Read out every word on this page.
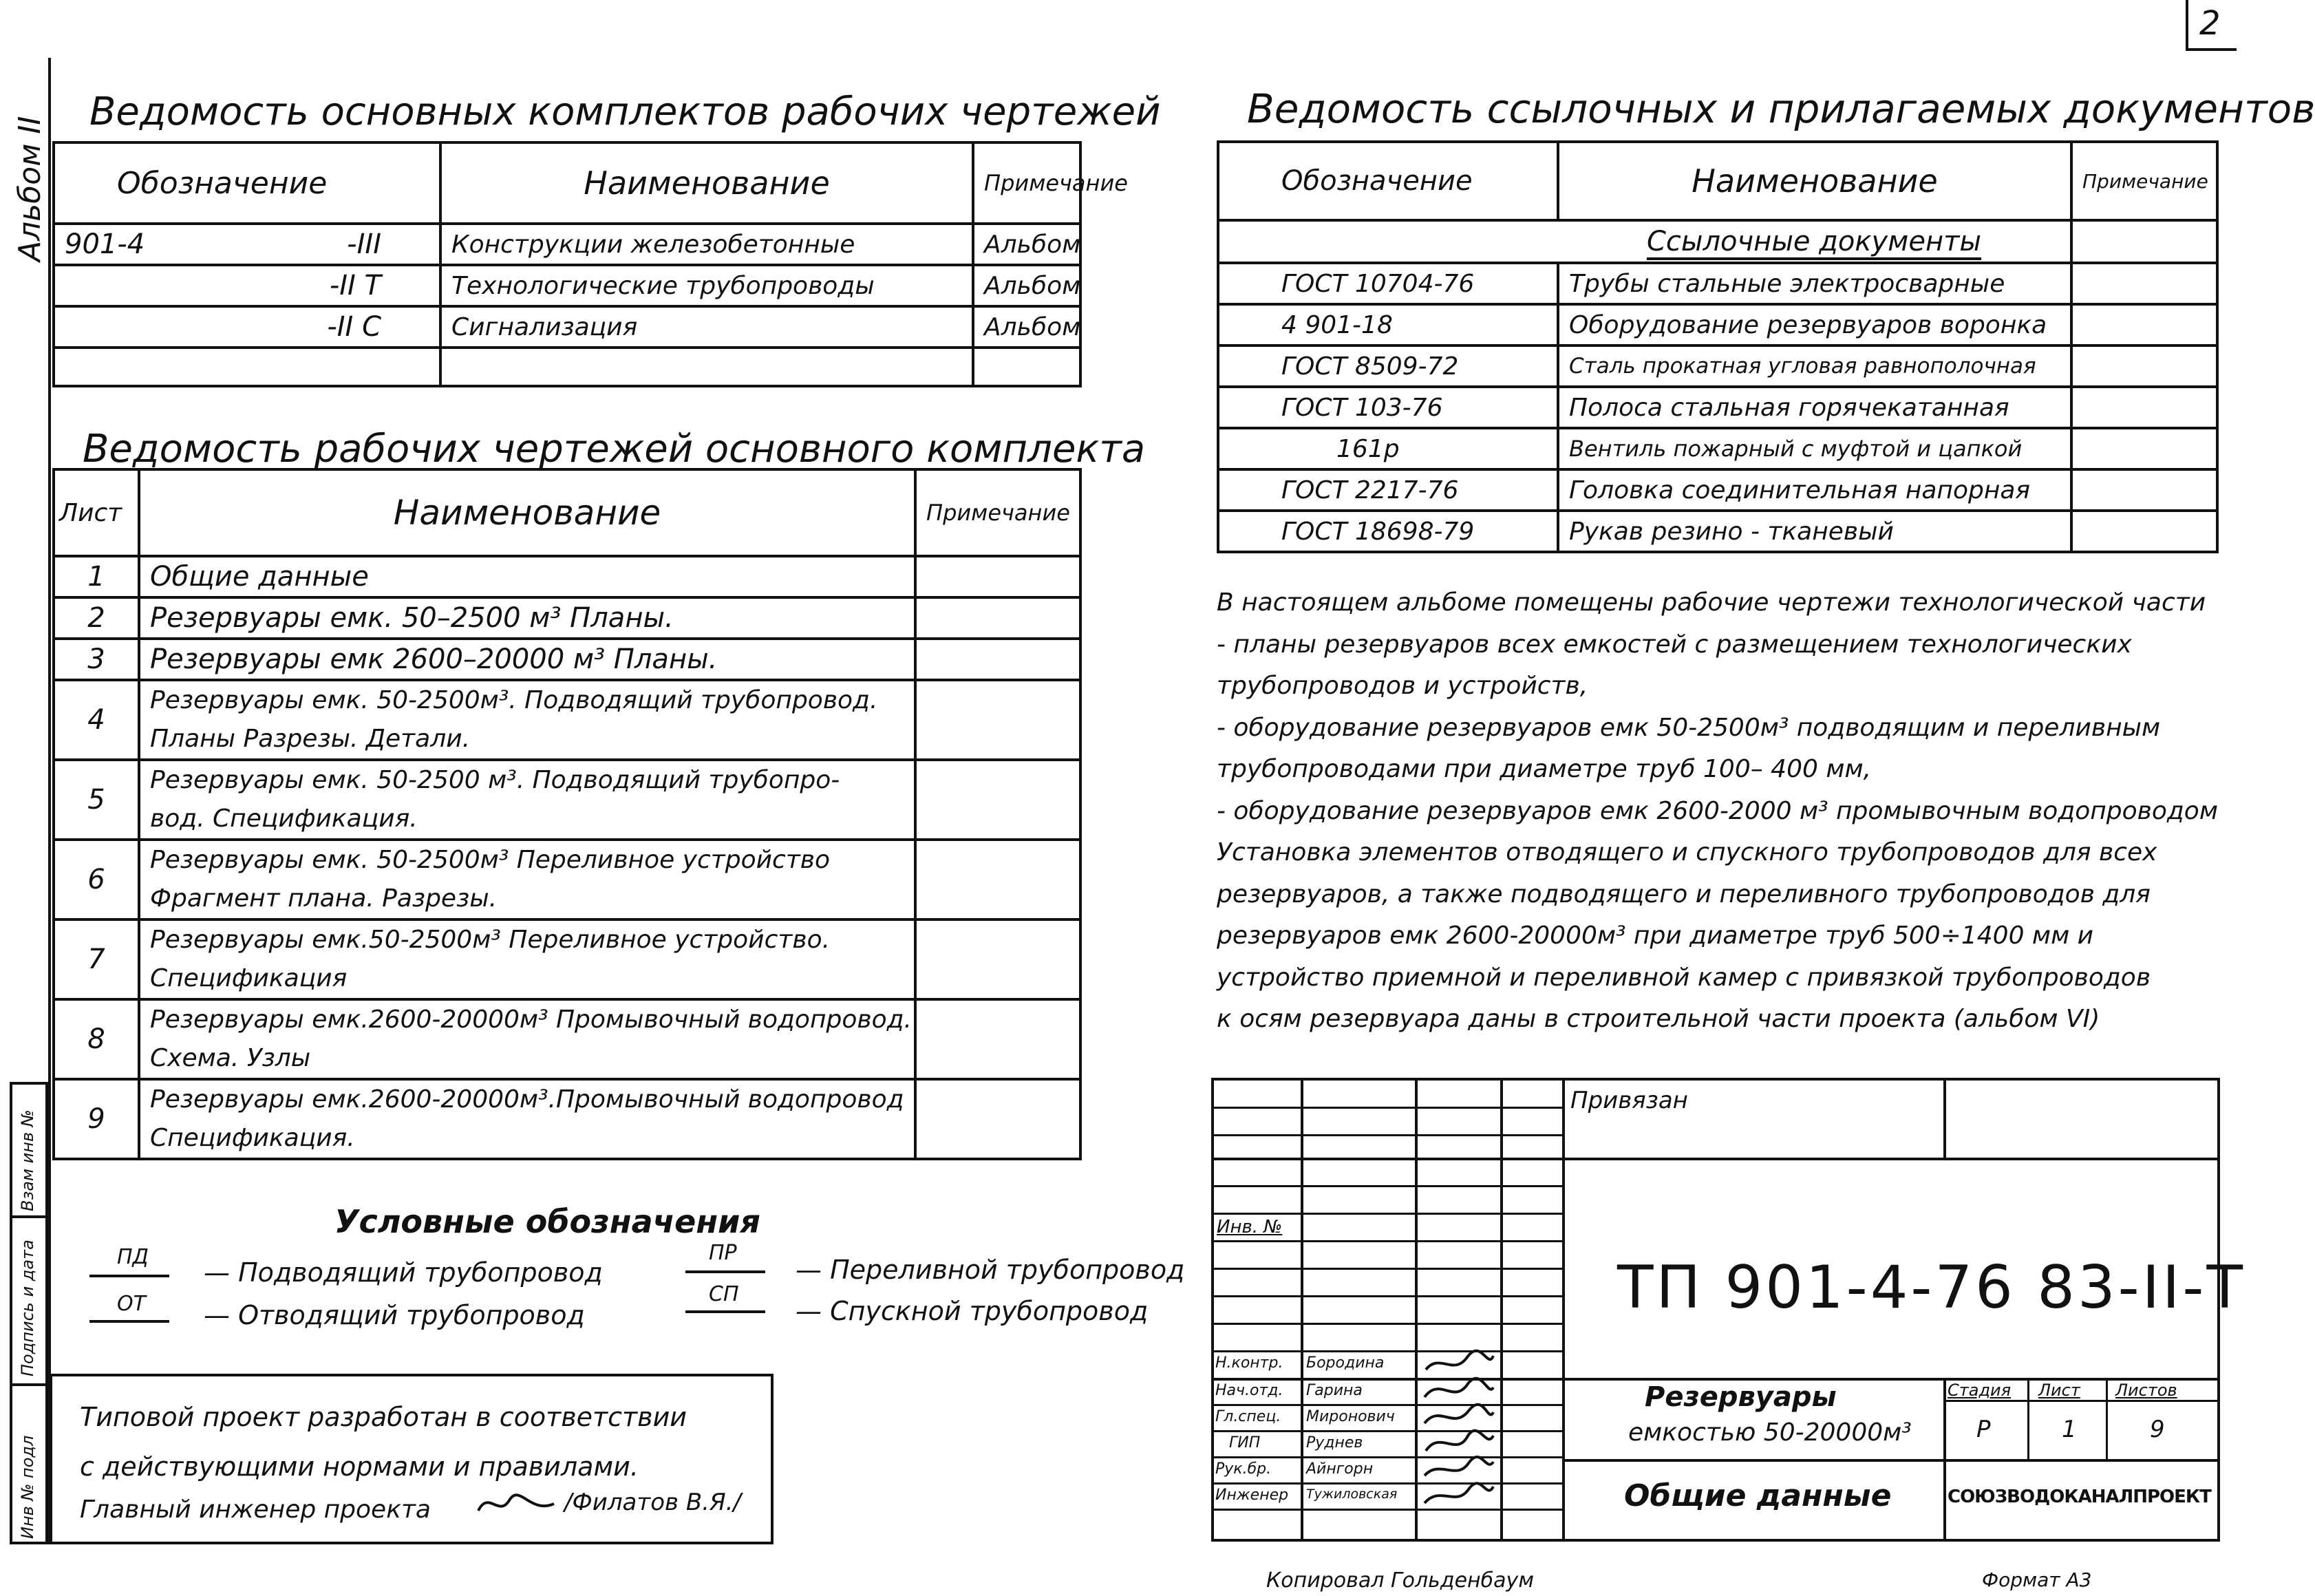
2
Альбом II
Ведомость основных комплектов рабочих чертежей
Обозначение		Наименование	Примечание
901-4 -III		Конструкции железобетонные	Альбом
-II Т		Технологические трубопроводы	Альбом
-II С		Сигнализация	Альбом

Ведомость рабочих чертежей основного комплекта
Лист	Наименование	Примечание
1	Общие данные	
2	Резервуары емк. 50–2500 м³ Планы.	
3	Резервуары емк 2600–20000 м³ Планы.	
4	Резервуары емк. 50-2500м³. Подводящий трубопровод.
Планы Разрезы. Детали.	

5	Резервуары емк. 50-2500 м³. Подводящий трубопро-
вод. Спецификация.	

6	Резервуары емк. 50-2500м³ Переливное устройство
Фрагмент плана. Разрезы.	

7	Резервуары емк.50-2500м³ Переливное устройство.
Спецификация	

8	Резервуары емк.2600-20000м³ Промывочный водопровод.
Схема. Узлы	

9	Резервуары емк.2600-20000м³.Промывочный водопровод
Спецификация.	

Условные обозначения
ПД
— Подводящий трубопровод
ОТ — Отводящий трубопровод
ПР
— Переливной трубопровод
СП
— Спускной трубопровод
Взам инв №
Подпись и дата
Инв № подл
Типовой проект разработан в соответствии
с действующими нормами и правилами.
Главный инженер проекта	/Филатов В.Я./
Ведомость ссылочных и прилагаемых документов
Обозначение	Наименование	Примечание
	Ссылочные документы	
ГОСТ 10704-76	Трубы стальные электросварные	
4 901-18	Оборудование резервуаров воронка	
ГОСТ 8509-72	Сталь прокатная угловая равнополочная	
ГОСТ 103-76	Полоса стальная горячекатанная	
161р	Вентиль пожарный с муфтой и цапкой	
ГОСТ 2217-76	Головка соединительная напорная	
ГОСТ 18698-79	Рукав резино - тканевый	

В настоящем альбоме помещены рабочие чертежи технологической части

- планы резервуаров всех емкостей с размещением технологических

трубопроводов и устройств,

- оборудование резервуаров емк 50-2500м³ подводящим и переливным

трубопроводами при диаметре труб 100– 400 мм,

- оборудование резервуаров емк 2600-2000 м³ промывочным водопроводом

Установка элементов отводящего и спускного трубопроводов для всех

резервуаров, а также подводящего и переливного трубопроводов для

резервуаров емк 2600-20000м³ при диаметре труб 500÷1400 мм и

устройство приемной и переливной камер с привязкой трубопроводов

к осям резервуара даны в строительной части проекта (альбом VI)

Привязан
Инв. №
ТП 901-4-76 83-II-Т
Н.контр. Бородина
Нач.отд. Гарина
Гл.спец. Миронович
ГИП	Руднев
Рук.бр. Айнгорн
Инженер Тужиловская
Резервуары
емкостью 50-20000м³
Общие данные
Стадия Лист Листов
Р	1	9
СОЮЗВОДОКАНАЛПРОЕКТ
Копировал Гольденбаум	Формат А3
